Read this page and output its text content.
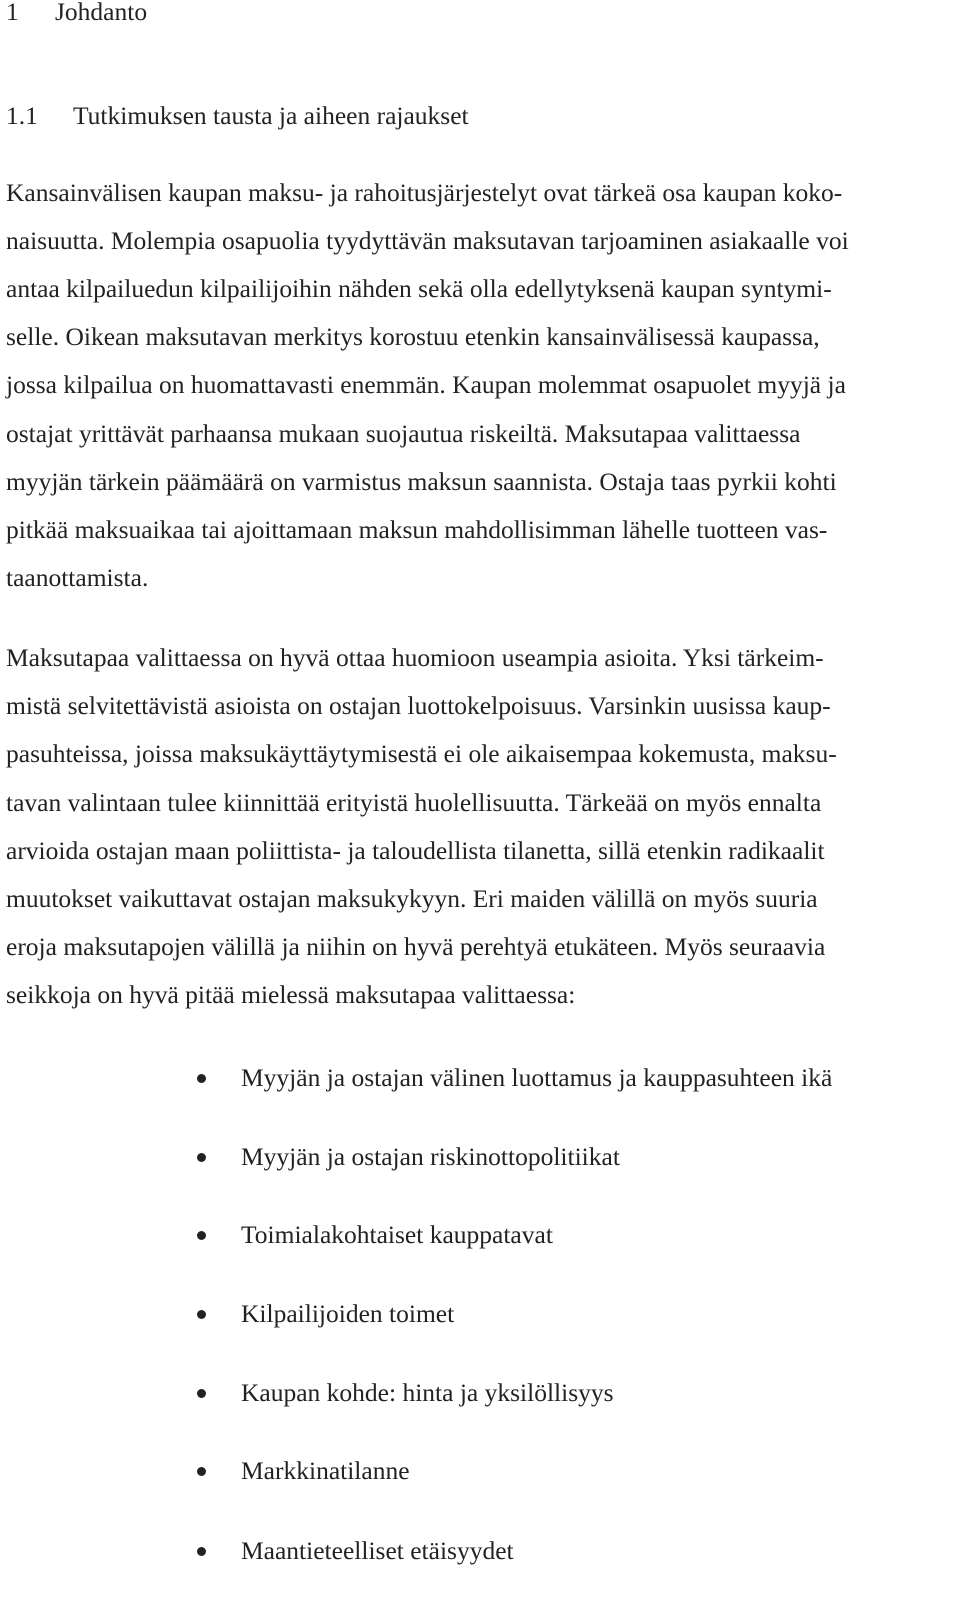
1 Johdanto
1.1 Tutkimuksen tausta ja aiheen rajaukset
Kansainvälisen kaupan maksu- ja rahoitusjärjestelyt ovat tärkeä osa kaupan koko-
naisuutta. Molempia osapuolia tyydyttävän maksutavan tarjoaminen asiakaalle voi
antaa kilpailuedun kilpailijoihin nähden sekä olla edellytyksenä kaupan syntymi-
selle. Oikean maksutavan merkitys korostuu etenkin kansainvälisessä kaupassa,
jossa kilpailua on huomattavasti enemmän. Kaupan molemmat osapuolet myyjä ja
ostajat yrittävät parhaansa mukaan suojautua riskeiltä. Maksutapaa valittaessa
myyjän tärkein päämäärä on varmistus maksun saannista. Ostaja taas pyrkii kohti
pitkää maksuaikaa tai ajoittamaan maksun mahdollisimman lähelle tuotteen vas-
taanottamista.
Maksutapaa valittaessa on hyvä ottaa huomioon useampia asioita. Yksi tärkeim-
mistä selvitettävistä asioista on ostajan luottokelpoisuus. Varsinkin uusissa kaup-
pasuhteissa, joissa maksukäyttäytymisestä ei ole aikaisempaa kokemusta, maksu-
tavan valintaan tulee kiinnittää erityistä huolellisuutta. Tärkeää on myös ennalta
arvioida ostajan maan poliittista- ja taloudellista tilanetta, sillä etenkin radikaalit
muutokset vaikuttavat ostajan maksukykyyn. Eri maiden välillä on myös suuria
eroja maksutapojen välillä ja niihin on hyvä perehtyä etukäteen. Myös seuraavia
seikkoja on hyvä pitää mielessä maksutapaa valittaessa:
Myyjän ja ostajan välinen luottamus ja kauppasuhteen ikä
Myyjän ja ostajan riskinottopolitiikat
Toimialakohtaiset kauppatavat
Kilpailijoiden toimet
Kaupan kohde: hinta ja yksilöllisyys
Markkinatilanne
Maantieteelliset etäisyydet
